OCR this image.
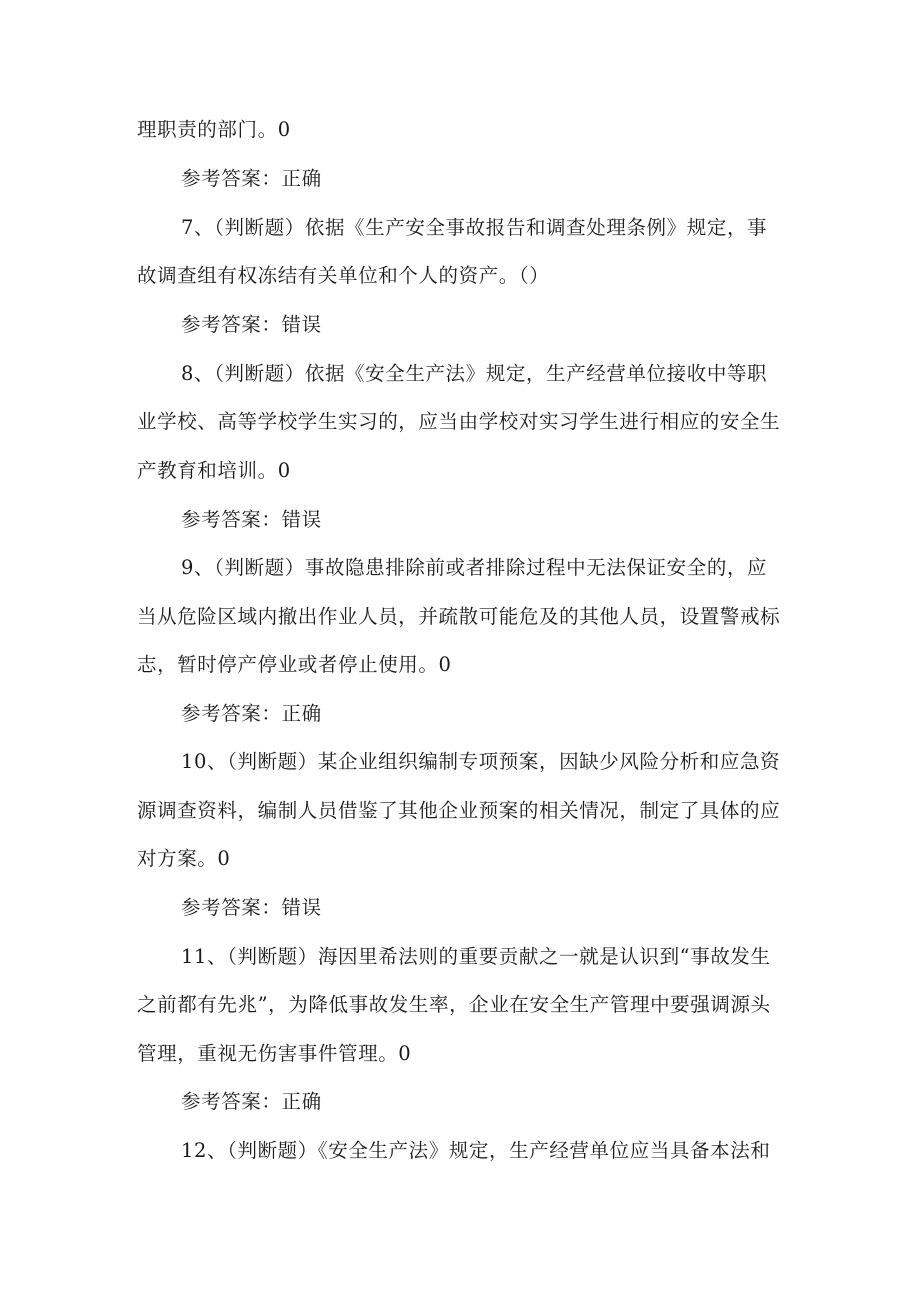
理职责的部门。0
参考答案：正确
7、（判断题）依据《生产安全事故报告和调查处理条例》规定，事
故调查组有权冻结有关单位和个人的资产。（）
参考答案：错误
8、（判断题）依据《安全生产法》规定，生产经营单位接收中等职
业学校、高等学校学生实习的，应当由学校对实习学生进行相应的安全生
产教育和培训。0
参考答案：错误
9、（判断题）事故隐患排除前或者排除过程中无法保证安全的，应
当从危险区域内撤出作业人员，并疏散可能危及的其他人员，设置警戒标
志，暂时停产停业或者停止使用。0
参考答案：正确
10、（判断题）某企业组织编制专项预案，因缺少风险分析和应急资
源调查资料，编制人员借鉴了其他企业预案的相关情况，制定了具体的应
对方案。0
参考答案：错误
11、（判断题）海因里希法则的重要贡献之一就是认识到“事故发生
之前都有先兆”，为降低事故发生率，企业在安全生产管理中要强调源头
管理，重视无伤害事件管理。0
参考答案：正确
12、（判断题）《安全生产法》规定，生产经营单位应当具备本法和
